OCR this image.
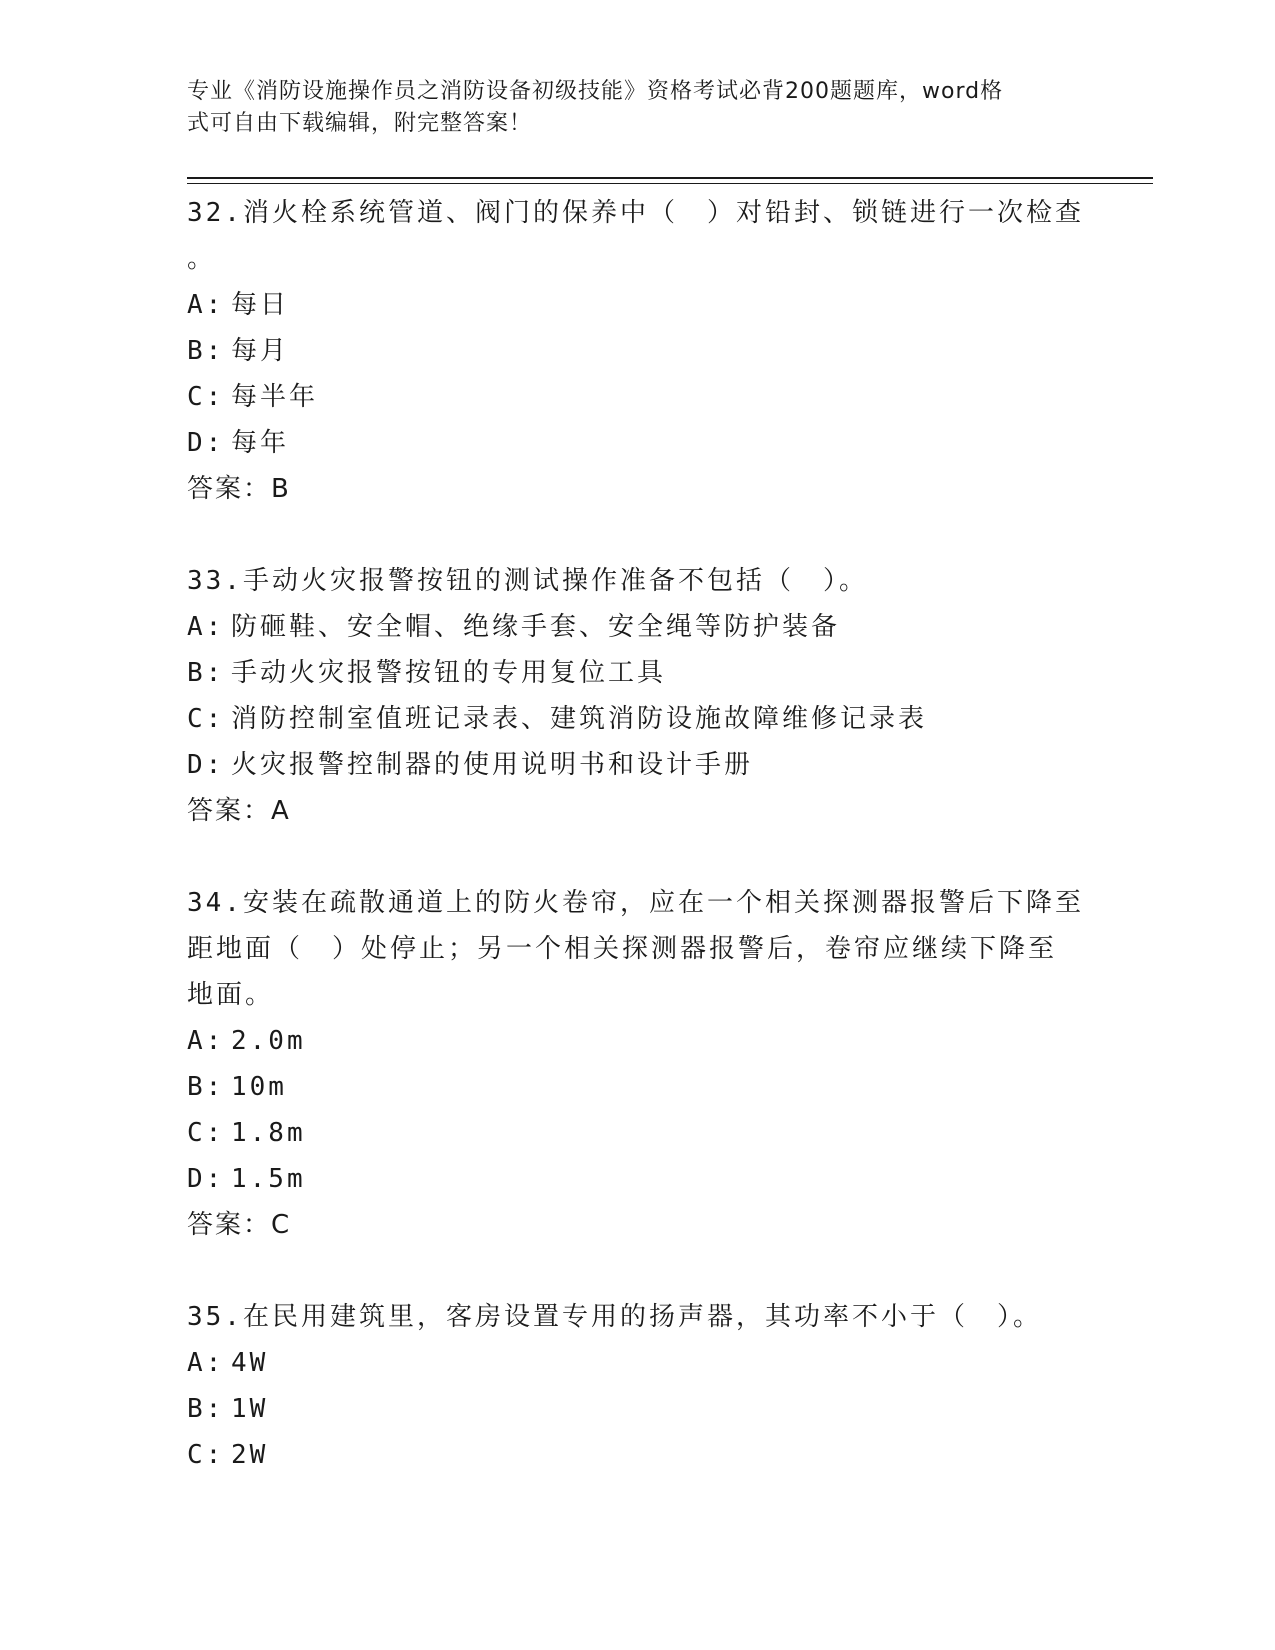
专业《消防设施操作员之消防设备初级技能》资格考试必背200题题库，word格
式可自由下载编辑，附完整答案！
32.消火栓系统管道、阀门的保养中（　）对铅封、锁链进行一次检查
。
A: 每日
B: 每月
C: 每半年
D: 每年
答案：B
33.手动火灾报警按钮的测试操作准备不包括（　）。
A: 防砸鞋、安全帽、绝缘手套、安全绳等防护装备
B: 手动火灾报警按钮的专用复位工具
C: 消防控制室值班记录表、建筑消防设施故障维修记录表
D: 火灾报警控制器的使用说明书和设计手册
答案：A
34.安装在疏散通道上的防火卷帘，应在一个相关探测器报警后下降至
距地面（　）处停止；另一个相关探测器报警后，卷帘应继续下降至
地面。
A: 2.0m
B: 10m
C: 1.8m
D: 1.5m
答案：C
35.在民用建筑里，客房设置专用的扬声器，其功率不小于（　）。
A: 4W
B: 1W
C: 2W
